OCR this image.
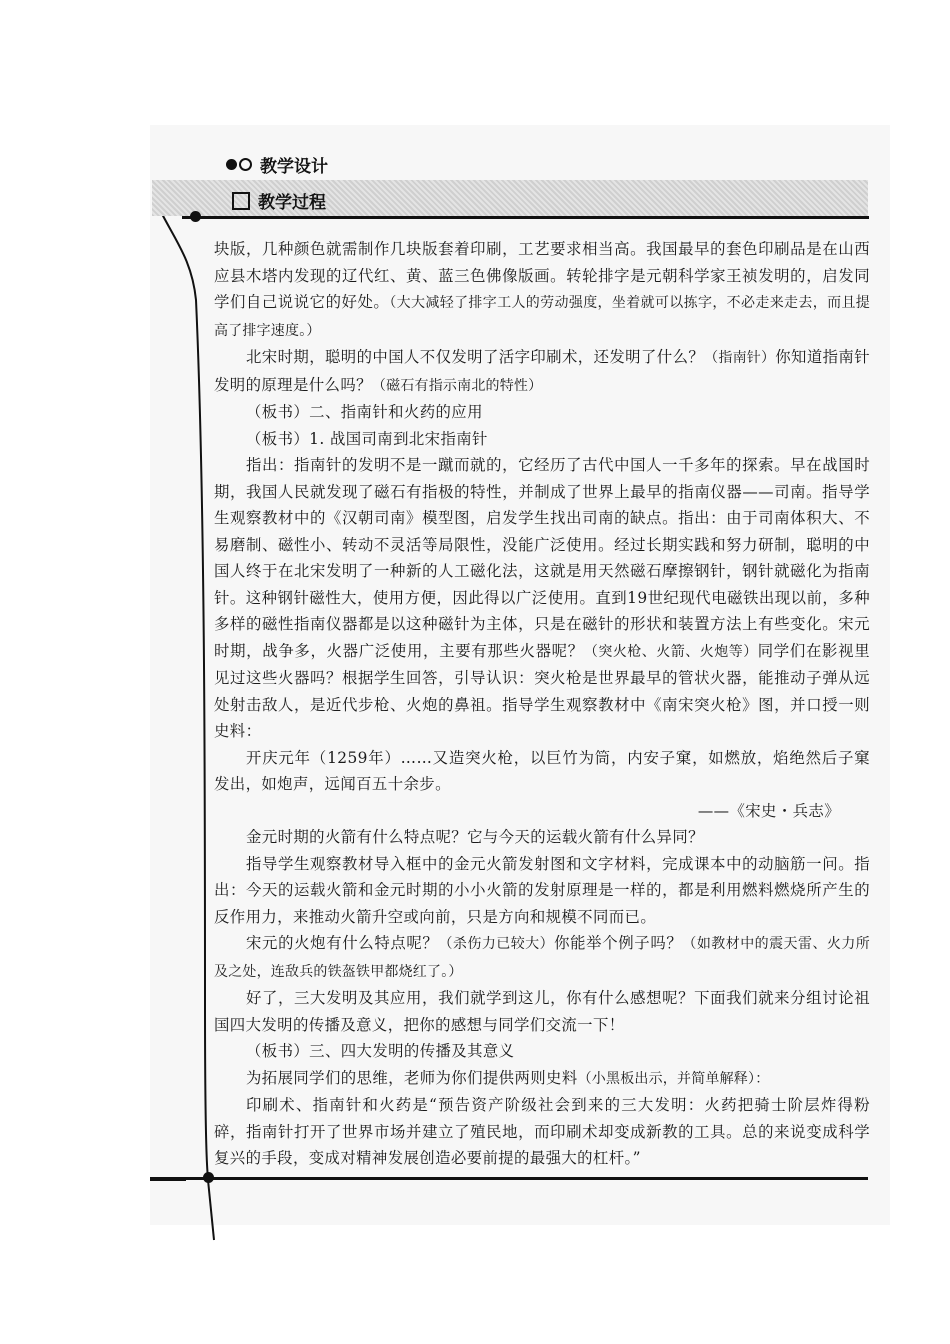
教学设计
教学过程

块版，几种颜色就需制作几块版套着印刷，工艺要求相当高。我国最早的套色印刷品是在山西应县木塔内发现的辽代红、黄、蓝三色佛像版画。转轮排字是元朝科学家王祯发明的，启发同学们自己说说它的好处。（大大减轻了排字工人的劳动强度，坐着就可以拣字，不必走来走去，而且提高了排字速度。）

北宋时期，聪明的中国人不仅发明了活字印刷术，还发明了什么？（指南针）你知道指南针发明的原理是什么吗？（磁石有指示南北的特性）

（板书）二、指南针和火药的应用

（板书）1. 战国司南到北宋指南针

指出：指南针的发明不是一蹴而就的，它经历了古代中国人一千多年的探索。早在战国时期，我国人民就发现了磁石有指极的特性，并制成了世界上最早的指南仪器——司南。指导学生观察教材中的《汉朝司南》模型图，启发学生找出司南的缺点。指出：由于司南体积大、不易磨制、磁性小、转动不灵活等局限性，没能广泛使用。经过长期实践和努力研制，聪明的中国人终于在北宋发明了一种新的人工磁化法，这就是用天然磁石摩擦钢针，钢针就磁化为指南针。这种钢针磁性大，使用方便，因此得以广泛使用。直到19世纪现代电磁铁出现以前，多种多样的磁性指南仪器都是以这种磁针为主体，只是在磁针的形状和装置方法上有些变化。宋元时期，战争多，火器广泛使用，主要有那些火器呢？（突火枪、火箭、火炮等）同学们在影视里见过这些火器吗？根据学生回答，引导认识：突火枪是世界最早的管状火器，能推动子弹从远处射击敌人，是近代步枪、火炮的鼻祖。指导学生观察教材中《南宋突火枪》图，并口授一则史料：

开庆元年（1259年）……又造突火枪，以巨竹为筒，内安子窠，如燃放，焰绝然后子窠发出，如炮声，远闻百五十余步。

——《宋史・兵志》

金元时期的火箭有什么特点呢？它与今天的运载火箭有什么异同？

指导学生观察教材导入框中的金元火箭发射图和文字材料，完成课本中的动脑筋一问。指出：今天的运载火箭和金元时期的小小火箭的发射原理是一样的，都是利用燃料燃烧所产生的反作用力，来推动火箭升空或向前，只是方向和规模不同而已。

宋元的火炮有什么特点呢？（杀伤力已较大）你能举个例子吗？（如教材中的震天雷、火力所及之处，连敌兵的铁盔铁甲都烧红了。）

好了，三大发明及其应用，我们就学到这儿，你有什么感想呢？下面我们就来分组讨论祖国四大发明的传播及意义，把你的感想与同学们交流一下！

（板书）三、四大发明的传播及其意义

为拓展同学们的思维，老师为你们提供两则史料（小黑板出示，并简单解释）：

印刷术、指南针和火药是“预告资产阶级社会到来的三大发明：火药把骑士阶层炸得粉碎，指南针打开了世界市场并建立了殖民地，而印刷术却变成新教的工具。总的来说变成科学复兴的手段，变成对精神发展创造必要前提的最强大的杠杆。”
